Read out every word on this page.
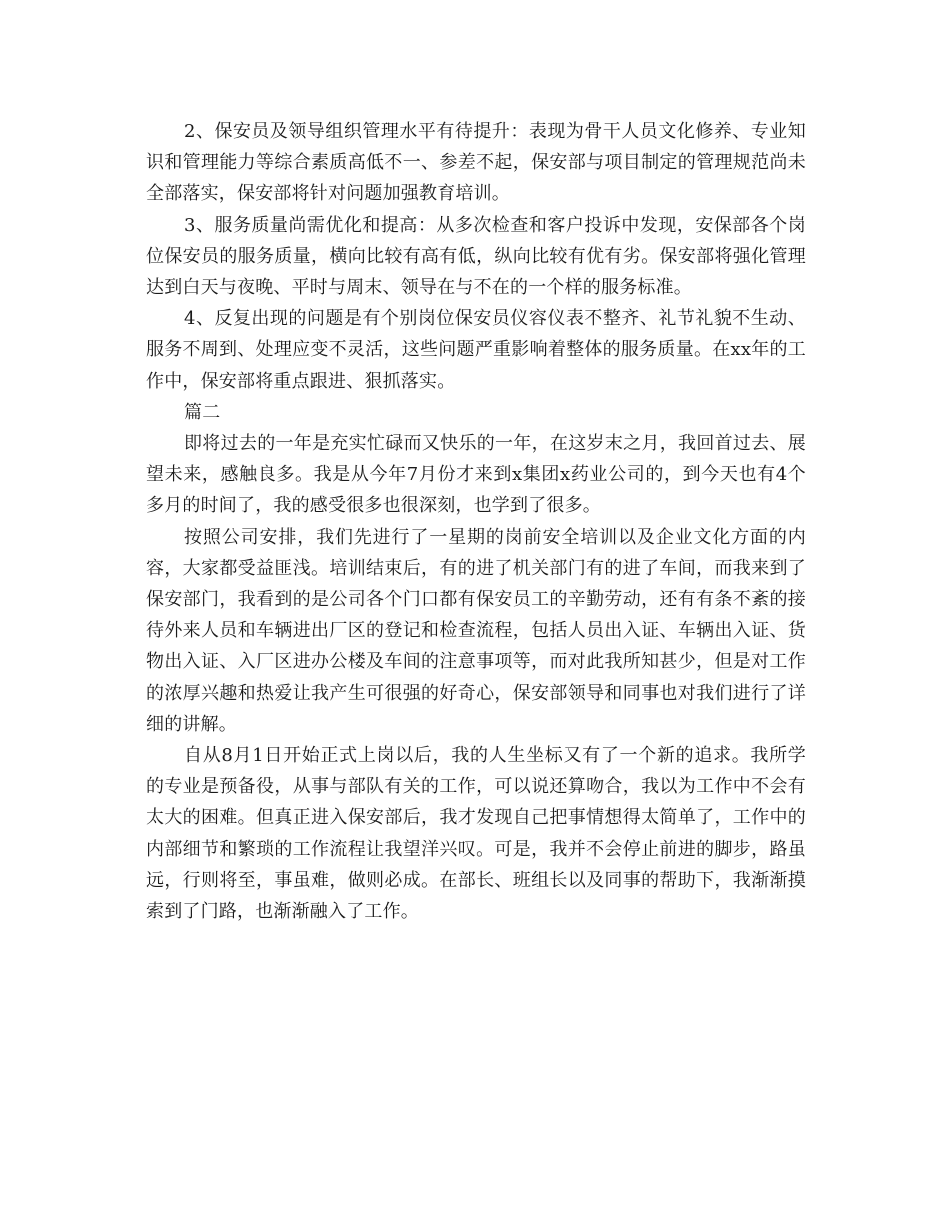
2、保安员及领导组织管理水平有待提升：表现为骨干人员文化修养、专业知识和管理能力等综合素质高低不一、参差不起，保安部与项目制定的管理规范尚未全部落实，保安部将针对问题加强教育培训。

3、服务质量尚需优化和提高：从多次检查和客户投诉中发现，安保部各个岗位保安员的服务质量，横向比较有高有低，纵向比较有优有劣。保安部将强化管理达到白天与夜晚、平时与周末、领导在与不在的一个样的服务标准。

4、反复出现的问题是有个别岗位保安员仪容仪表不整齐、礼节礼貌不生动、服务不周到、处理应变不灵活，这些问题严重影响着整体的服务质量。在xx年的工作中，保安部将重点跟进、狠抓落实。

篇二

即将过去的一年是充实忙碌而又快乐的一年，在这岁末之月，我回首过去、展望未来，感触良多。我是从今年7月份才来到x集团x药业公司的，到今天也有4个多月的时间了，我的感受很多也很深刻，也学到了很多。

按照公司安排，我们先进行了一星期的岗前安全培训以及企业文化方面的内容，大家都受益匪浅。培训结束后，有的进了机关部门有的进了车间，而我来到了保安部门，我看到的是公司各个门口都有保安员工的辛勤劳动，还有有条不紊的接待外来人员和车辆进出厂区的登记和检查流程，包括人员出入证、车辆出入证、货物出入证、入厂区进办公楼及车间的注意事项等，而对此我所知甚少，但是对工作的浓厚兴趣和热爱让我产生可很强的好奇心，保安部领导和同事也对我们进行了详细的讲解。

自从8月1日开始正式上岗以后，我的人生坐标又有了一个新的追求。我所学的专业是预备役，从事与部队有关的工作，可以说还算吻合，我以为工作中不会有太大的困难。但真正进入保安部后，我才发现自己把事情想得太简单了，工作中的内部细节和繁琐的工作流程让我望洋兴叹。可是，我并不会停止前进的脚步，路虽远，行则将至，事虽难，做则必成。在部长、班组长以及同事的帮助下，我渐渐摸索到了门路，也渐渐融入了工作。
